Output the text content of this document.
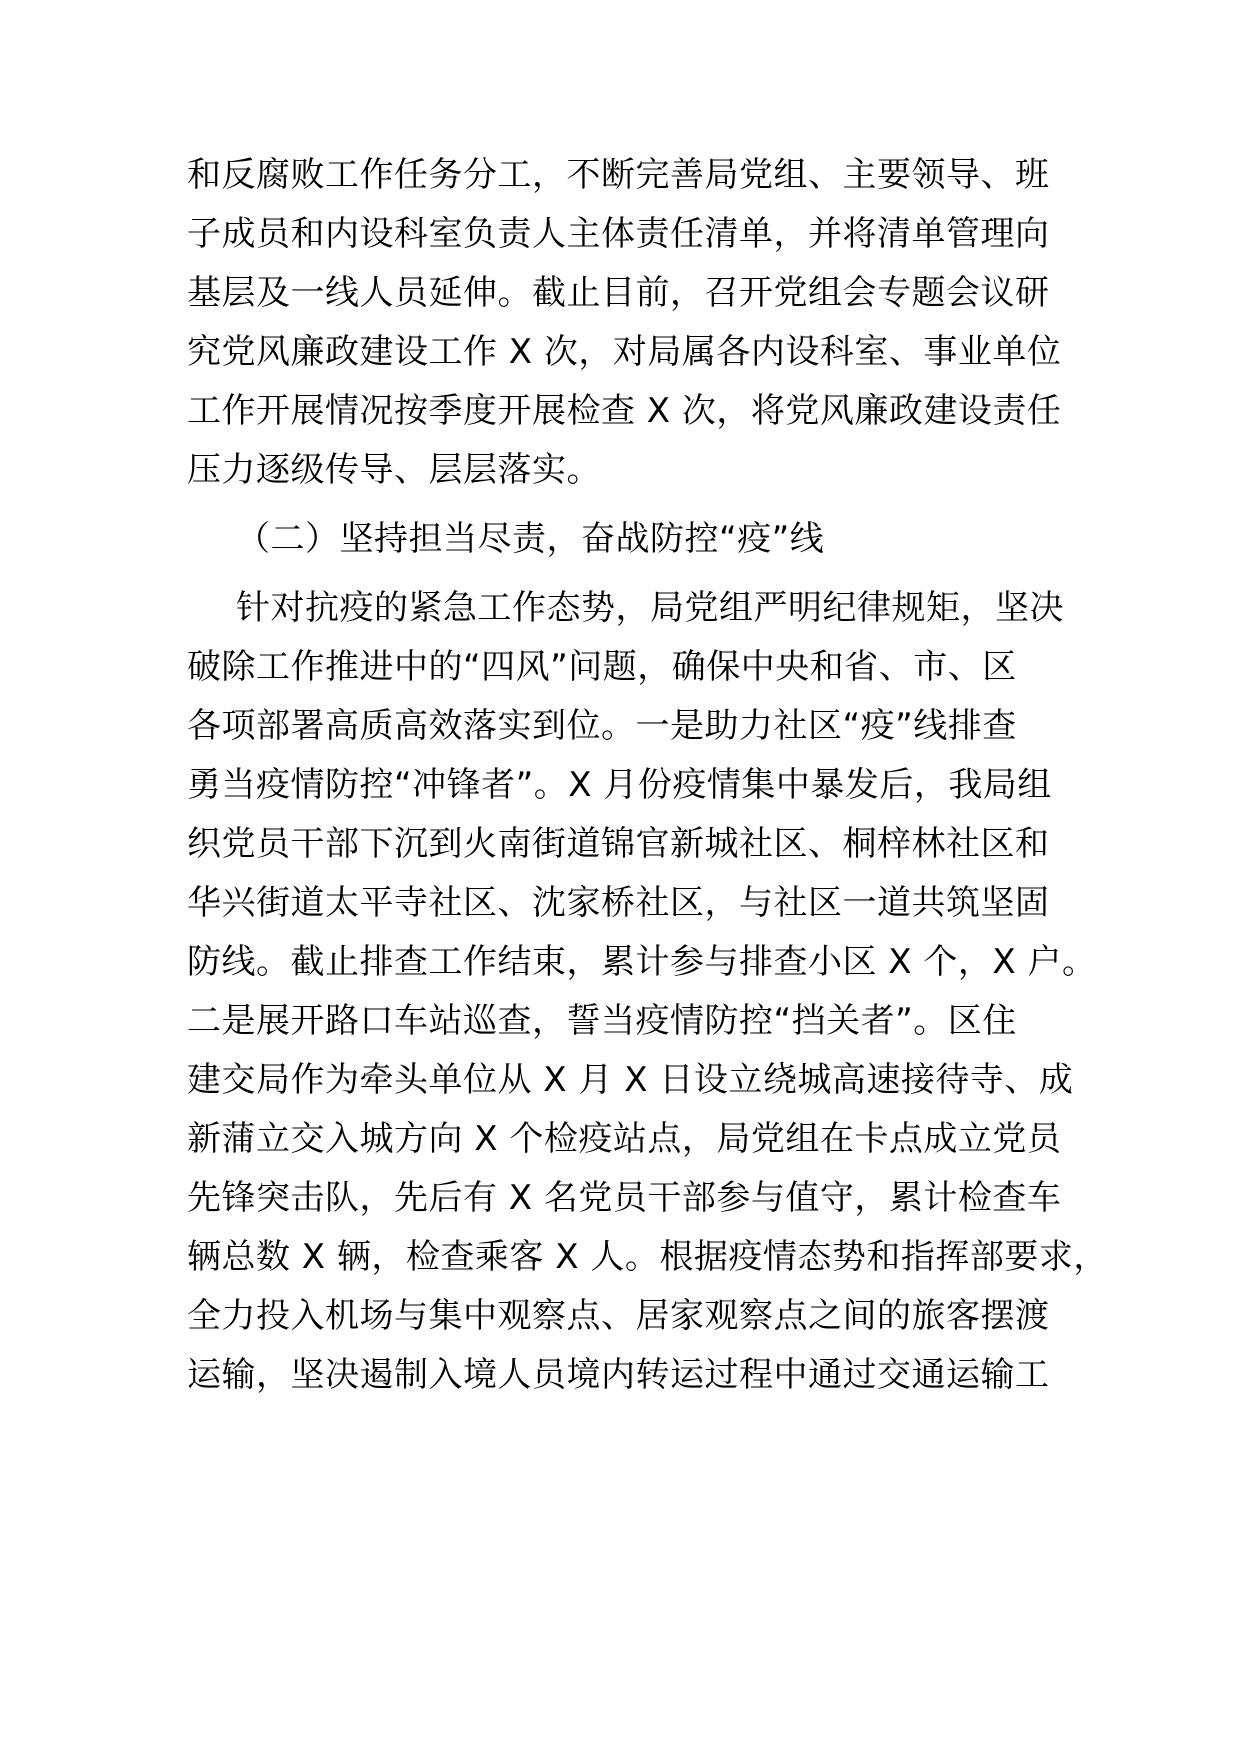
和反腐败工作任务分工，不断完善局党组、主要领导、班
子成员和内设科室负责人主体责任清单，并将清单管理向
基层及一线人员延伸。截止目前，召开党组会专题会议研
究党风廉政建设工作 X 次，对局属各内设科室、事业单位
工作开展情况按季度开展检查 X 次，将党风廉政建设责任
压力逐级传导、层层落实。
（二）坚持担当尽责，奋战防控“疫”线
针对抗疫的紧急工作态势，局党组严明纪律规矩，坚决
破除工作推进中的“四风”问题，确保中央和省、市、区
各项部署高质高效落实到位。一是助力社区“疫”线排查
勇当疫情防控“冲锋者”。X 月份疫情集中暴发后，我局组
织党员干部下沉到火南街道锦官新城社区、桐梓林社区和
华兴街道太平寺社区、沈家桥社区，与社区一道共筑坚固
防线。截止排查工作结束，累计参与排查小区 X 个，X 户。
二是展开路口车站巡查，誓当疫情防控“挡关者”。区住
建交局作为牵头单位从 X 月 X 日设立绕城高速接待寺、成
新蒲立交入城方向 X 个检疫站点，局党组在卡点成立党员
先锋突击队，先后有 X 名党员干部参与值守，累计检查车
辆总数 X 辆，检查乘客 X 人。根据疫情态势和指挥部要求，
全力投入机场与集中观察点、居家观察点之间的旅客摆渡
运输，坚决遏制入境人员境内转运过程中通过交通运输工
